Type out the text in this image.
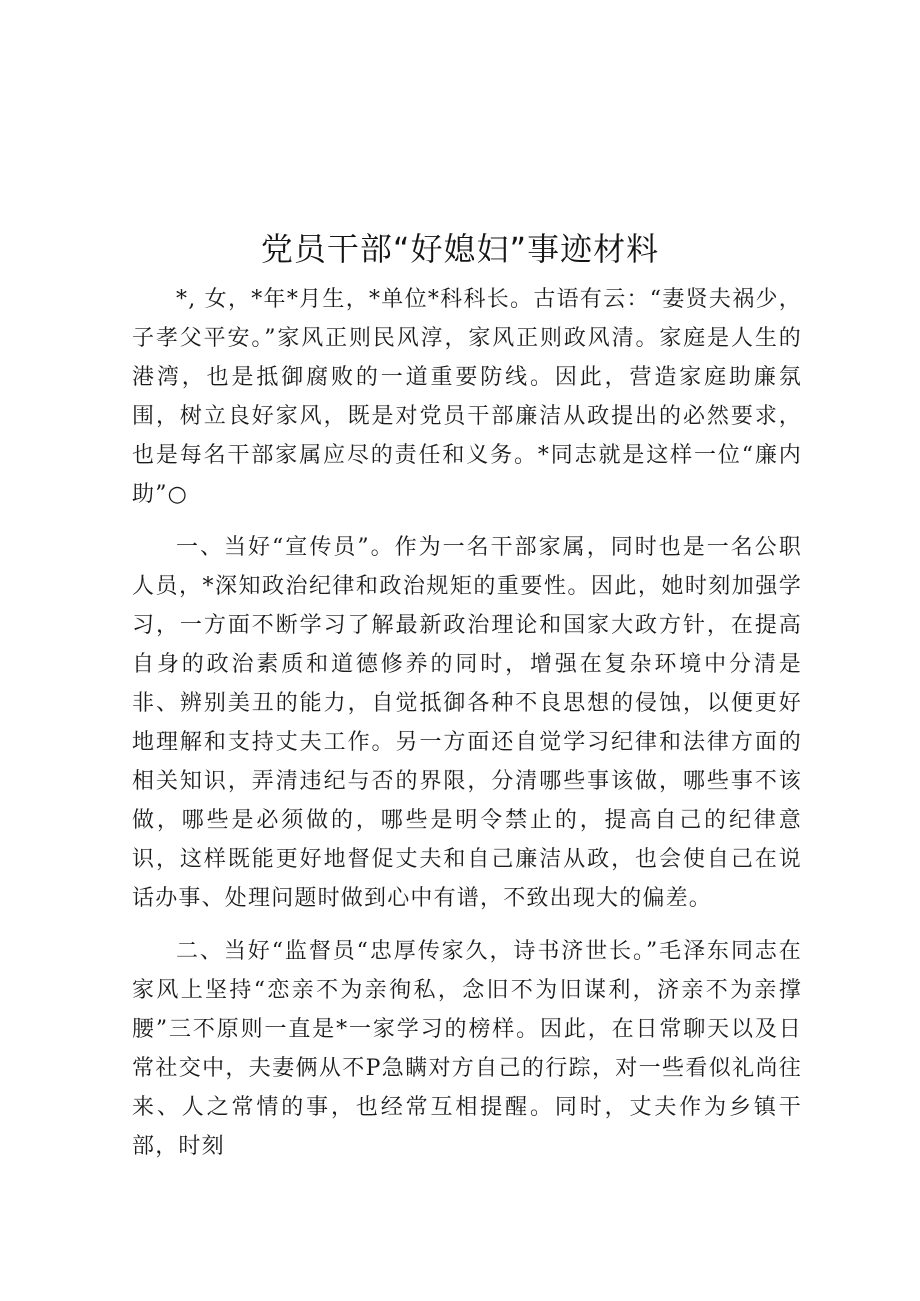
党员干部“好媳妇”事迹材料

*, 女，*年*月生，*单位*科科长。古语有云：“妻贤夫祸少，子孝父平安。”家风正则民风淳，家风正则政风清。家庭是人生的港湾，也是抵御腐败的一道重要防线。因此，营造家庭助廉氛围，树立良好家风，既是对党员干部廉洁从政提出的必然要求，也是每名干部家属应尽的责任和义务。*同志就是这样一位“廉内助”○

一、当好“宣传员”。作为一名干部家属，同时也是一名公职人员，*深知政治纪律和政治规矩的重要性。因此，她时刻加强学习，一方面不断学习了解最新政治理论和国家大政方针，在提高自身的政治素质和道德修养的同时，增强在复杂环境中分清是非、辨别美丑的能力，自觉抵御各种不良思想的侵蚀，以便更好地理解和支持丈夫工作。另一方面还自觉学习纪律和法律方面的相关知识，弄清违纪与否的界限，分清哪些事该做，哪些事不该做，哪些是必须做的，哪些是明令禁止的，提高自己的纪律意识，这样既能更好地督促丈夫和自己廉洁从政，也会使自己在说话办事、处理问题时做到心中有谱，不致出现大的偏差。

二、当好“监督员“忠厚传家久，诗书济世长。”毛泽东同志在家风上坚持“恋亲不为亲徇私，念旧不为旧谋利，济亲不为亲撑腰”三不原则一直是*一家学习的榜样。因此，在日常聊天以及日常社交中，夫妻俩从不P急瞒对方自己的行踪，对一些看似礼尚往来、人之常情的事，也经常互相提醒。同时，丈夫作为乡镇干部，时刻
